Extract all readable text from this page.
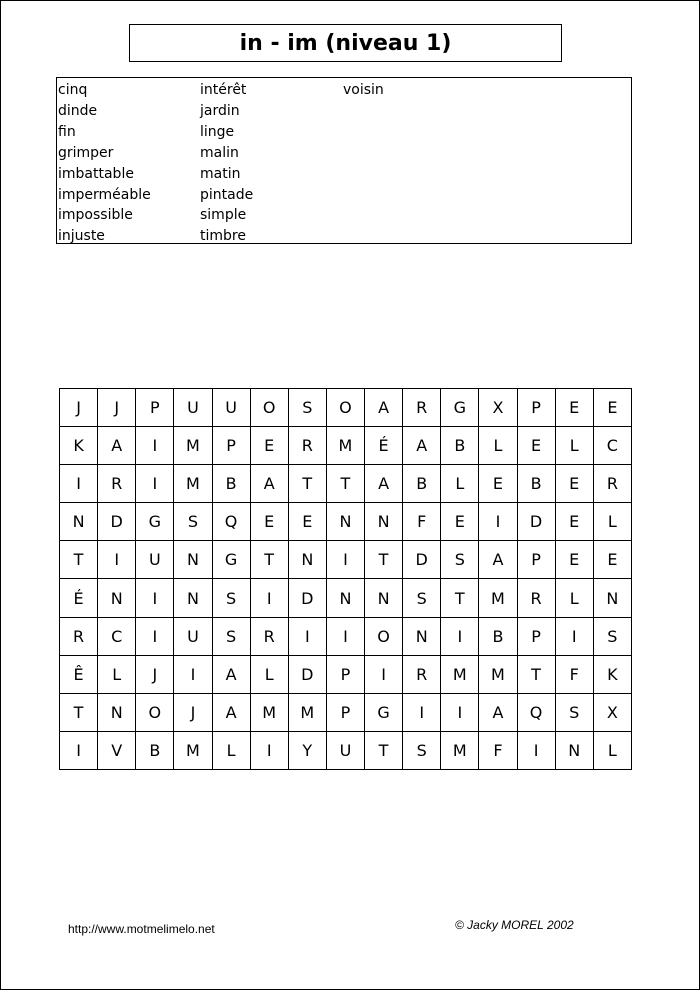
in - im (niveau 1)
cinq
dinde
fin
grimper
imbattable
imperméable
impossible
injuste
intérêt
jardin
linge
malin
matin
pintade
simple
timbre
voisin
J	J	P	U	U	O	S	O	A	R	G	X	P	E	E
K	A	I	M	P	E	R	M	É	A	B	L	E	L	C
I	R	I	M	B	A	T	T	A	B	L	E	B	E	R
N	D	G	S	Q	E	E	N	N	F	E	I	D	E	L
T	I	U	N	G	T	N	I	T	D	S	A	P	E	E
É	N	I	N	S	I	D	N	N	S	T	M	R	L	N
R	C	I	U	S	R	I	I	O	N	I	B	P	I	S
Ê	L	J	I	A	L	D	P	I	R	M	M	T	F	K
T	N	O	J	A	M	M	P	G	I	I	A	Q	S	X
I	V	B	M	L	I	Y	U	T	S	M	F	I	N	L
http://www.motmelimelo.net	© Jacky MOREL 2002
